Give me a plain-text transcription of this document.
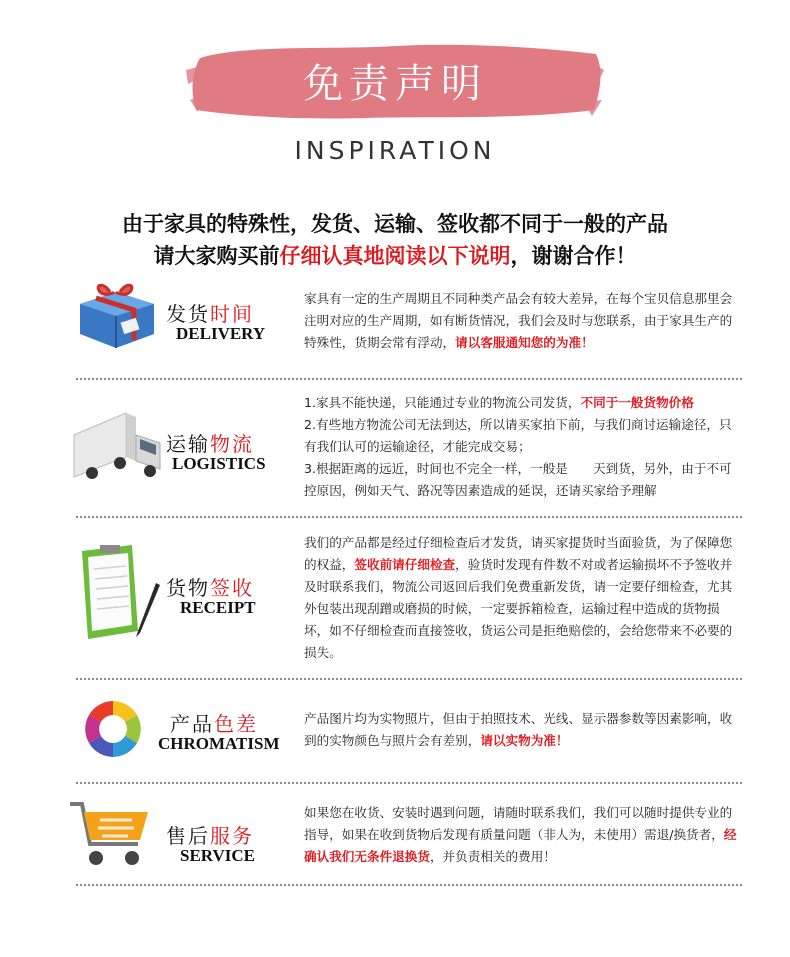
免责声明
INSPIRATION
由于家具的特殊性，发货、运输、签收都不同于一般的产品
请大家购买前仔细认真地阅读以下说明，谢谢合作！
发货时间
DELIVERY

家具有一定的生产周期且不同种类产品会有较大差异，在每个宝贝信息那里会注明对应的生产周期，如有断货情况，我们会及时与您联系，由于家具生产的特殊性，货期会常有浮动，请以客服通知您的为准！

运输物流
LOGISTICS

1.家具不能快递，只能通过专业的物流公司发货，不同于一般货物价格

2.有些地方物流公司无法到达，所以请买家拍下前，与我们商讨运输途径，只有我们认可的运输途径，才能完成交易；

3.根据距离的远近，时间也不完全一样，一般是　　天到货，另外，由于不可控原因，例如天气、路况等因素造成的延误，还请买家给予理解

货物签收
RECEIPT

我们的产品都是经过仔细检查后才发货，请买家提货时当面验货，为了保障您的权益，签收前请仔细检查，验货时发现有件数不对或者运输损坏不予签收并及时联系我们，物流公司返回后我们免费重新发货，请一定要仔细检查，尤其外包装出现刮蹭或磨损的时候，一定要拆箱检查，运输过程中造成的货物损坏，如不仔细检查而直接签收，货运公司是拒绝赔偿的，会给您带来不必要的损失。

产品色差
CHROMATISM

产品图片均为实物照片，但由于拍照技术、光线、显示器参数等因素影响，收到的实物颜色与照片会有差别，请以实物为准！

售后服务
SERVICE

如果您在收货、安装时遇到问题，请随时联系我们，我们可以随时提供专业的指导，如果在收到货物后发现有质量问题（非人为，未使用）需退/换货者，经确认我们无条件退换货，并负责相关的费用！
